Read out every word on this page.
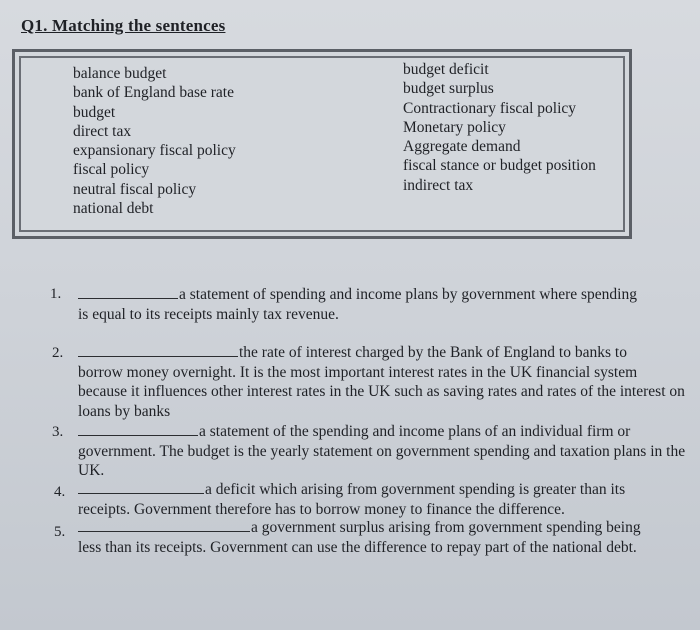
Q1. Matching the sentences
balance budget
bank of England base rate
budget
direct tax
expansionary fiscal policy
fiscal policy
neutral fiscal policy
national debt
budget deficit
budget surplus
Contractionary fiscal policy
Monetary policy
Aggregate demand
fiscal stance or budget position
indirect tax
1.	a statement of spending and income plans by government where spending
is equal to its receipts mainly tax revenue.
2.	the rate of interest charged by the Bank of England to banks to
borrow money overnight. It is the most important interest rates in the UK financial system because it influences other interest rates in the UK such as saving rates and rates of the interest on loans by banks
3.	a statement of the spending and income plans of an individual firm or
government. The budget is the yearly statement on government spending and taxation plans in the UK.
4.	a deficit which arising from government spending is greater than its
receipts. Government therefore has to borrow money to finance the difference.
5.	a government surplus arising from government spending being
less than its receipts. Government can use the difference to repay part of the national debt.
